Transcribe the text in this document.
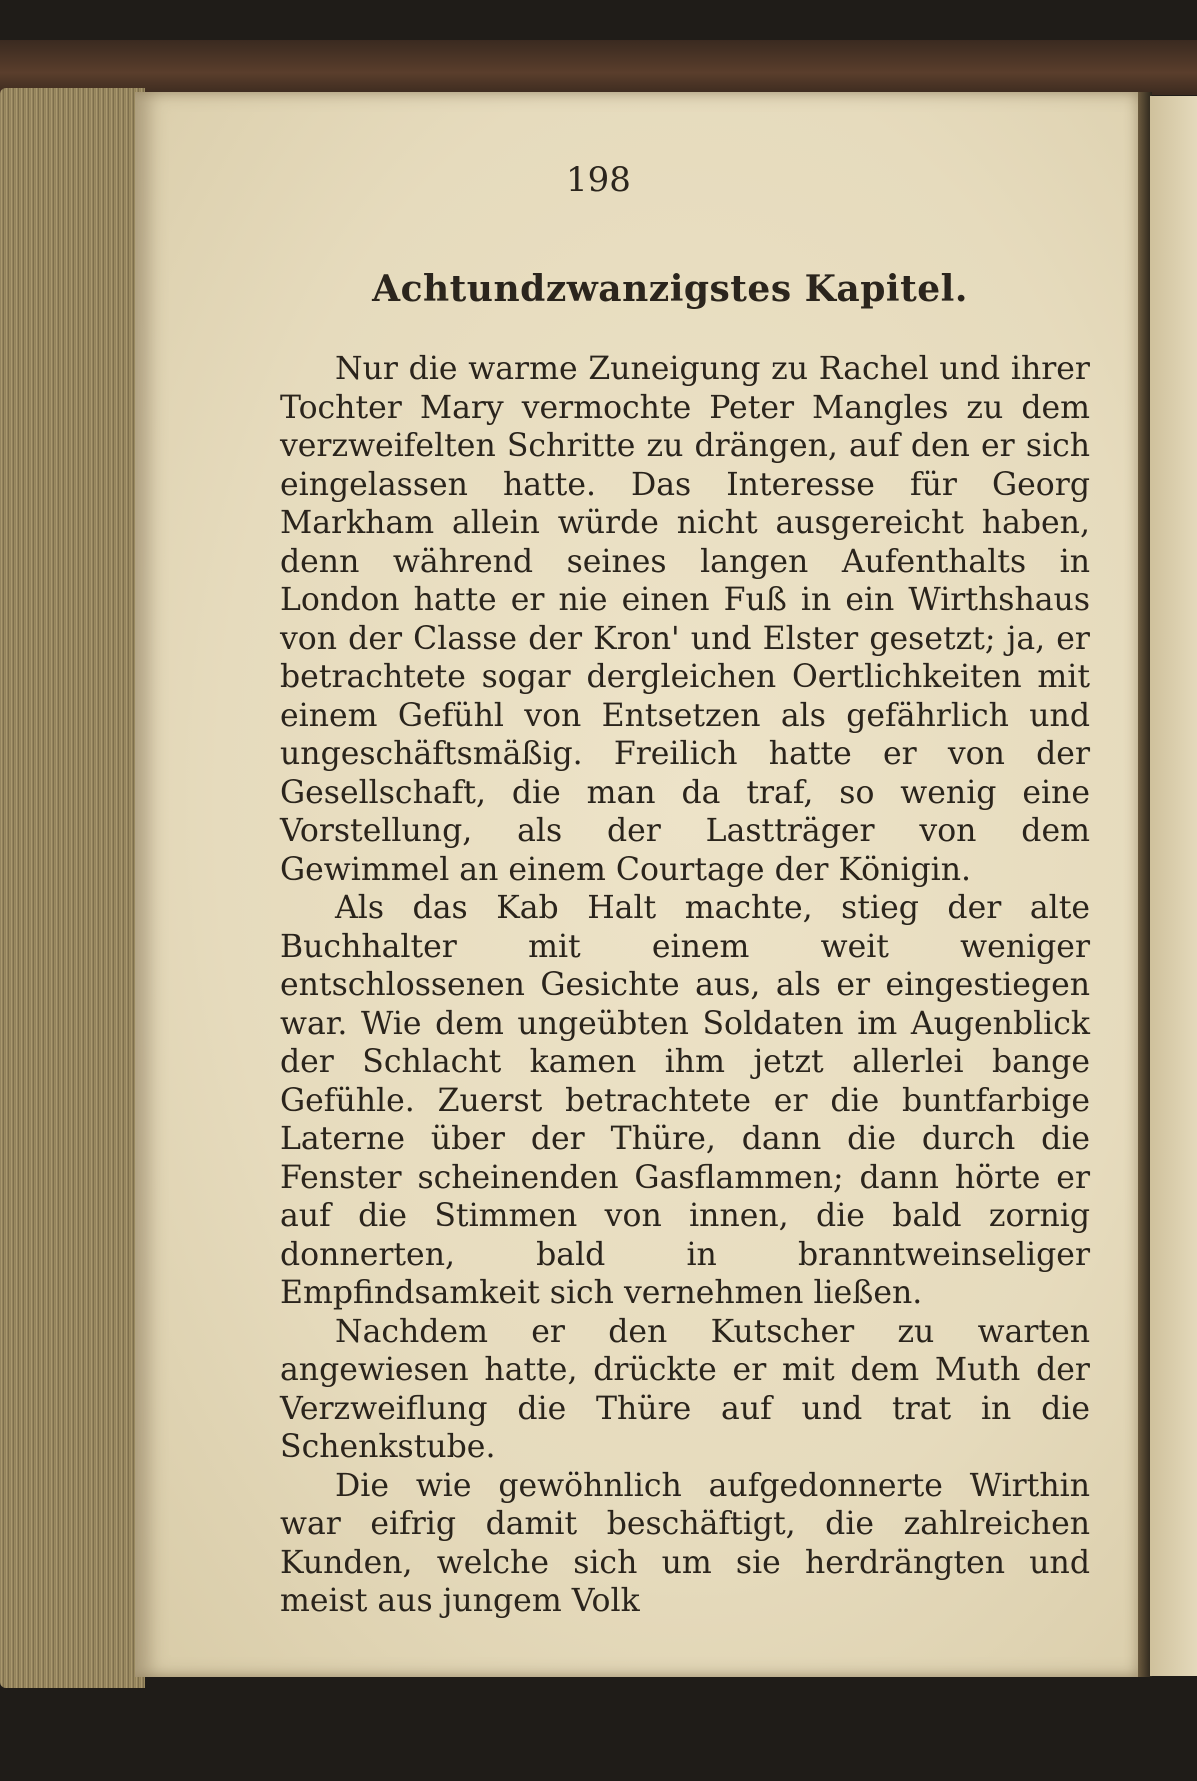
198
Achtundzwanzigstes Kapitel.

Nur die warme Zuneigung zu Rachel und ihrer Tochter Mary vermochte Peter Mangles zu dem verzweifelten Schritte zu drängen, auf den er sich eingelassen hatte. Das Interesse für Georg Markham allein würde nicht ausgereicht haben, denn während seines langen Aufenthalts in London hatte er nie einen Fuß in ein Wirthshaus von der Classe der Kron' und Elster gesetzt; ja, er betrachtete sogar dergleichen Oertlichkeiten mit einem Gefühl von Entsetzen als gefährlich und ungeschäftsmäßig. Freilich hatte er von der Gesellschaft, die man da traf, so wenig eine Vorstellung, als der Lastträger von dem Gewimmel an einem Courtage der Königin.

Als das Kab Halt machte, stieg der alte Buchhalter mit einem weit weniger entschlossenen Gesichte aus, als er eingestiegen war. Wie dem ungeübten Soldaten im Augenblick der Schlacht kamen ihm jetzt allerlei bange Gefühle. Zuerst betrachtete er die buntfarbige Laterne über der Thüre, dann die durch die Fenster scheinenden Gasflammen; dann hörte er auf die Stimmen von innen, die bald zornig donnerten, bald in branntweinseliger Empfindsamkeit sich vernehmen ließen.

Nachdem er den Kutscher zu warten angewiesen hatte, drückte er mit dem Muth der Verzweiflung die Thüre auf und trat in die Schenkstube.

Die wie gewöhnlich aufgedonnerte Wirthin war eifrig damit beschäftigt, die zahlreichen Kunden, welche sich um sie herdrängten und meist aus jungem Volk
